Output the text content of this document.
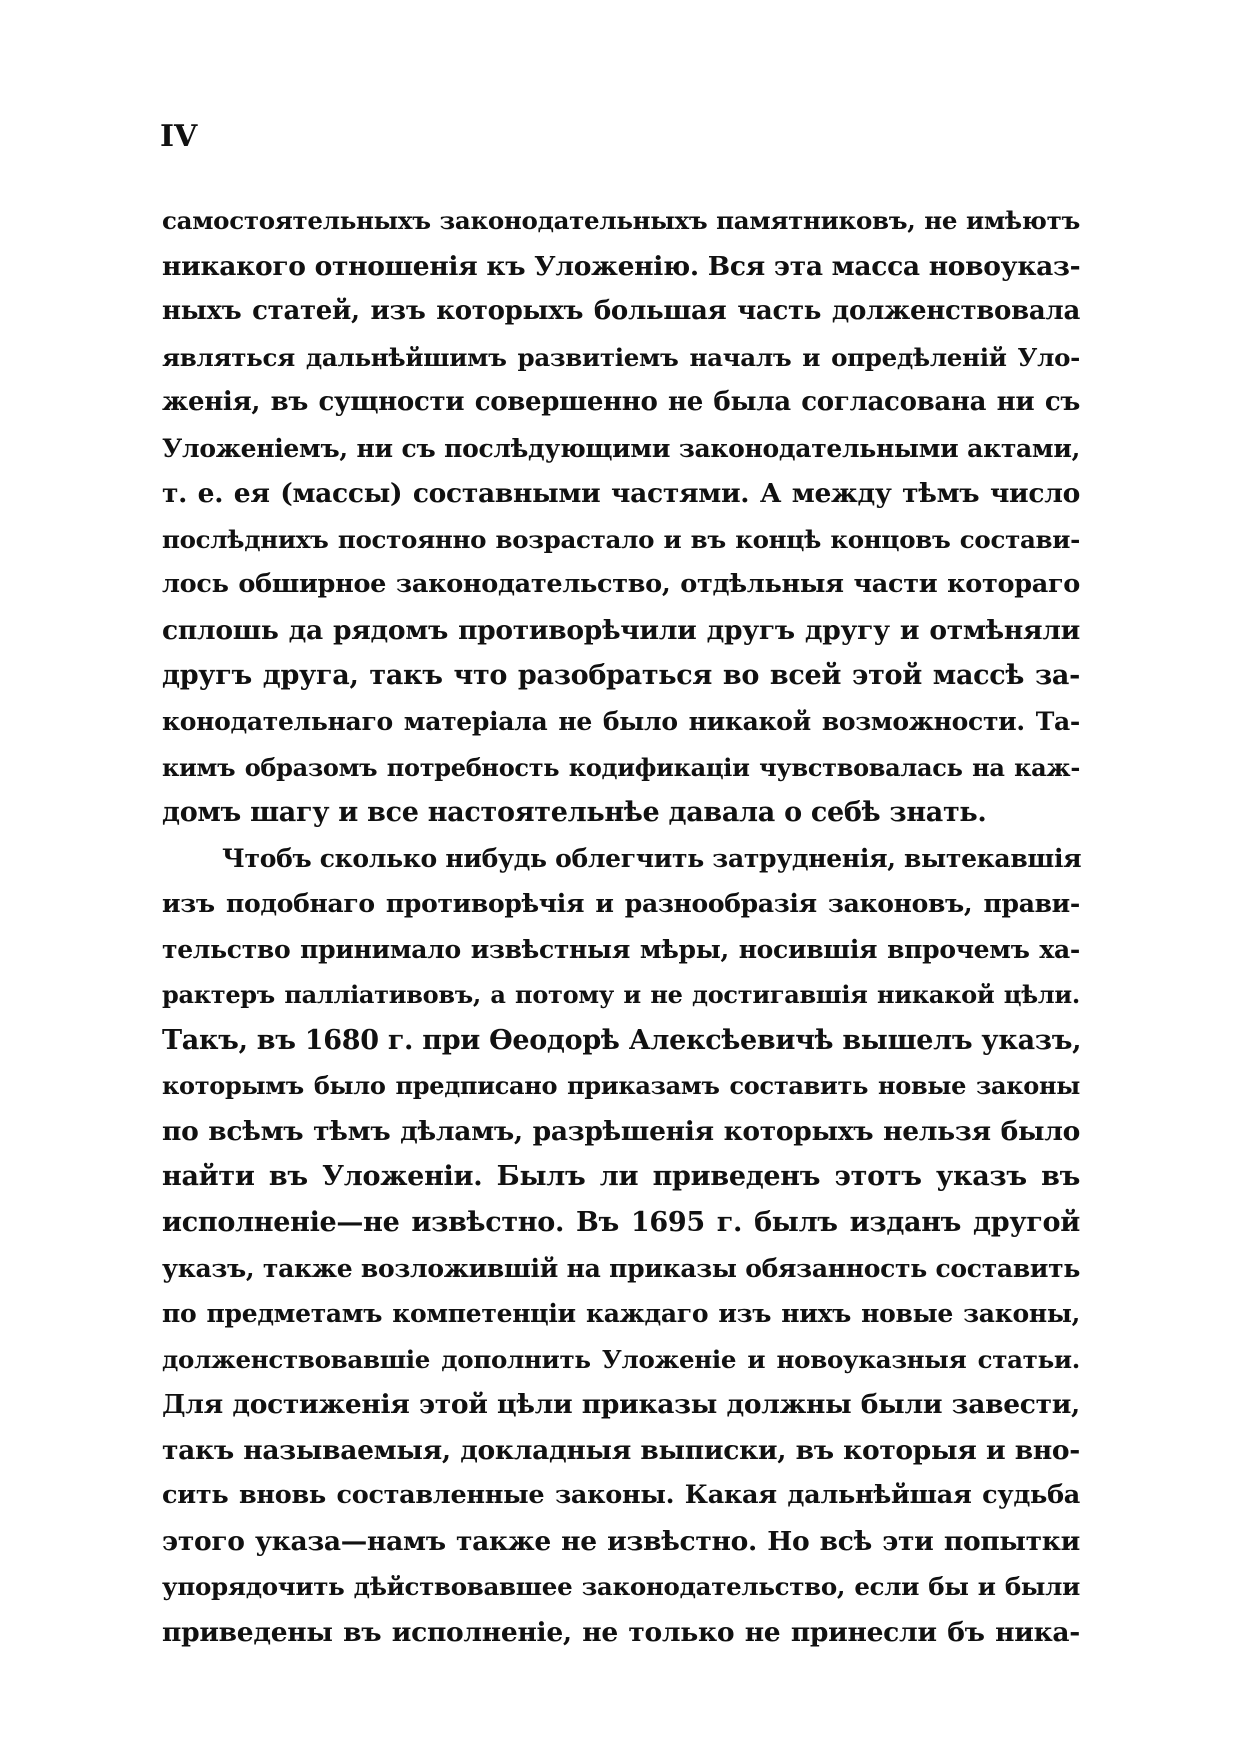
IV
самостоятельныхъ законодательныхъ памятниковъ, не имѣютъ
никакого отношенія къ Уложенію. Вся эта масса новоуказ-
ныхъ статей, изъ которыхъ большая часть долженствовала
являться дальнѣйшимъ развитіемъ началъ и опредѣленій Уло-
женія, въ сущности совершенно не была согласована ни съ
Уложеніемъ, ни съ послѣдующими законодательными актами,
т. е. ея (массы) составными частями. А между тѣмъ число
послѣднихъ постоянно возрастало и въ концѣ концовъ состави-
лось обширное законодательство, отдѣльныя части котораго
сплошь да рядомъ противорѣчили другъ другу и отмѣняли
другъ друга, такъ что разобраться во всей этой массѣ за-
конодательнаго матеріала не было никакой возможности. Та-
кимъ образомъ потребность кодификаціи чувствовалась на каж-
домъ шагу и все настоятельнѣе давала о себѣ знать.
Чтобъ сколько нибудь облегчить затрудненія, вытекавшія
изъ подобнаго противорѣчія и разнообразія законовъ, прави-
тельство принимало извѣстныя мѣры, носившія впрочемъ ха-
рактеръ палліативовъ, а потому и не достигавшія никакой цѣли.
Такъ, въ 1680 г. при Ѳеодорѣ Алексѣевичѣ вышелъ указъ,
которымъ было предписано приказамъ составить новые законы
по всѣмъ тѣмъ дѣламъ, разрѣшенія которыхъ нельзя было
найти въ Уложеніи. Былъ ли приведенъ этотъ указъ въ
исполненіе—не извѣстно. Въ 1695 г. былъ изданъ другой
указъ, также возложившій на приказы обязанность составить
по предметамъ компетенціи каждаго изъ нихъ новые законы,
долженствовавшіе дополнить Уложеніе и новоуказныя статьи.
Для достиженія этой цѣли приказы должны были завести,
такъ называемыя, докладныя выписки, въ которыя и вно-
сить вновь составленные законы. Какая дальнѣйшая судьба
этого указа—намъ также не извѣстно. Но всѣ эти попытки
упорядочить дѣйствовавшее законодательство, если бы и были
приведены въ исполненіе, не только не принесли бъ ника-
